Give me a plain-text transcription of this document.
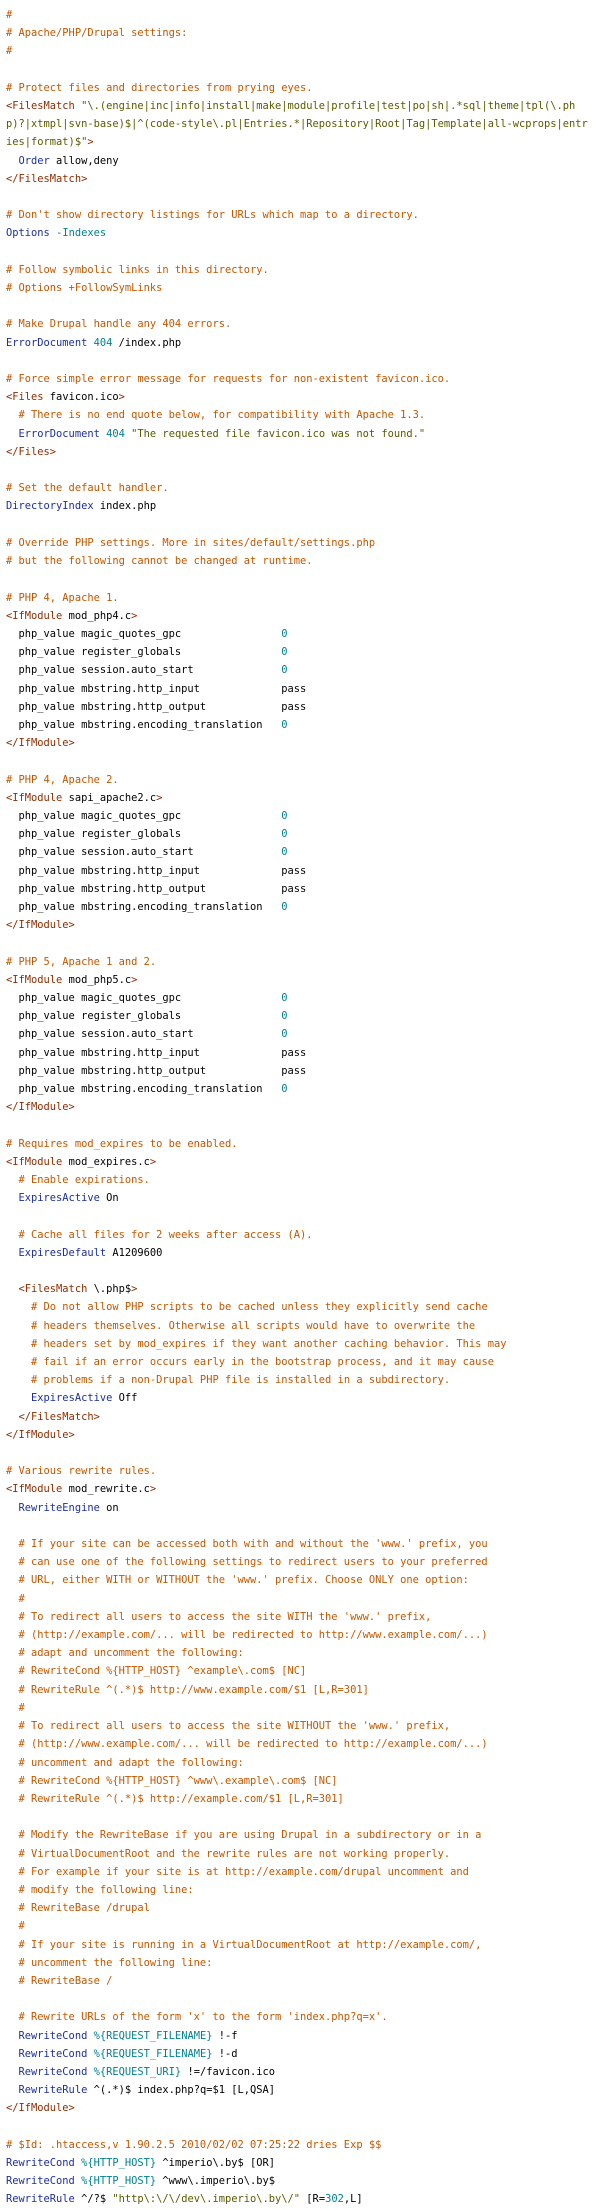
#
# Apache/PHP/Drupal settings:
#
# Protect files and directories from prying eyes.
<FilesMatch "\.(engine|inc|info|install|make|module|profile|test|po|sh|.*sql|theme|tpl(\.php)?|xtmpl|svn-base)$|^(code-style\.pl|Entries.*|Repository|Root|Tag|Template|all-wcprops|entries|format)$">
Order allow,deny
</FilesMatch>
# Don't show directory listings for URLs which map to a directory.
Options -Indexes
# Follow symbolic links in this directory.
# Options +FollowSymLinks
# Make Drupal handle any 404 errors.
ErrorDocument 404 /index.php
# Force simple error message for requests for non-existent favicon.ico.
<Files favicon.ico>
# There is no end quote below, for compatibility with Apache 1.3.
ErrorDocument 404 "The requested file favicon.ico was not found."
</Files>
# Set the default handler.
DirectoryIndex index.php
# Override PHP settings. More in sites/default/settings.php
# but the following cannot be changed at runtime.
# PHP 4, Apache 1.
<IfModule mod_php4.c>
php_value magic_quotes_gpc                0
php_value register_globals                0
php_value session.auto_start              0
php_value mbstring.http_input             pass
php_value mbstring.http_output            pass
php_value mbstring.encoding_translation   0
</IfModule>
# PHP 4, Apache 2.
<IfModule sapi_apache2.c>
php_value magic_quotes_gpc                0
php_value register_globals                0
php_value session.auto_start              0
php_value mbstring.http_input             pass
php_value mbstring.http_output            pass
php_value mbstring.encoding_translation   0
</IfModule>
# PHP 5, Apache 1 and 2.
<IfModule mod_php5.c>
php_value magic_quotes_gpc                0
php_value register_globals                0
php_value session.auto_start              0
php_value mbstring.http_input             pass
php_value mbstring.http_output            pass
php_value mbstring.encoding_translation   0
</IfModule>
# Requires mod_expires to be enabled.
<IfModule mod_expires.c>
# Enable expirations.
ExpiresActive On
# Cache all files for 2 weeks after access (A).
ExpiresDefault A1209600
<FilesMatch \.php$>
# Do not allow PHP scripts to be cached unless they explicitly send cache
# headers themselves. Otherwise all scripts would have to overwrite the
# headers set by mod_expires if they want another caching behavior. This may
# fail if an error occurs early in the bootstrap process, and it may cause
# problems if a non-Drupal PHP file is installed in a subdirectory.
ExpiresActive Off
</FilesMatch>
</IfModule>
# Various rewrite rules.
<IfModule mod_rewrite.c>
RewriteEngine on
# If your site can be accessed both with and without the 'www.' prefix, you
# can use one of the following settings to redirect users to your preferred
# URL, either WITH or WITHOUT the 'www.' prefix. Choose ONLY one option:
#
# To redirect all users to access the site WITH the 'www.' prefix,
# (http://example.com/... will be redirected to http://www.example.com/...)
# adapt and uncomment the following:
# RewriteCond %{HTTP_HOST} ^example\.com$ [NC]
# RewriteRule ^(.*)$ http://www.example.com/$1 [L,R=301]
#
# To redirect all users to access the site WITHOUT the 'www.' prefix,
# (http://www.example.com/... will be redirected to http://example.com/...)
# uncomment and adapt the following:
# RewriteCond %{HTTP_HOST} ^www\.example\.com$ [NC]
# RewriteRule ^(.*)$ http://example.com/$1 [L,R=301]
# Modify the RewriteBase if you are using Drupal in a subdirectory or in a
# VirtualDocumentRoot and the rewrite rules are not working properly.
# For example if your site is at http://example.com/drupal uncomment and
# modify the following line:
# RewriteBase /drupal
#
# If your site is running in a VirtualDocumentRoot at http://example.com/,
# uncomment the following line:
# RewriteBase /
# Rewrite URLs of the form 'x' to the form 'index.php?q=x'.
RewriteCond %{REQUEST_FILENAME} !-f
RewriteCond %{REQUEST_FILENAME} !-d
RewriteCond %{REQUEST_URI} !=/favicon.ico
RewriteRule ^(.*)$ index.php?q=$1 [L,QSA]
</IfModule>
# $Id: .htaccess,v 1.90.2.5 2010/02/02 07:25:22 dries Exp $$
RewriteCond %{HTTP_HOST} ^imperio\.by$ [OR]
RewriteCond %{HTTP_HOST} ^www\.imperio\.by$
RewriteRule ^/?$ "http\:\/\/dev\.imperio\.by\/" [R=302,L]
